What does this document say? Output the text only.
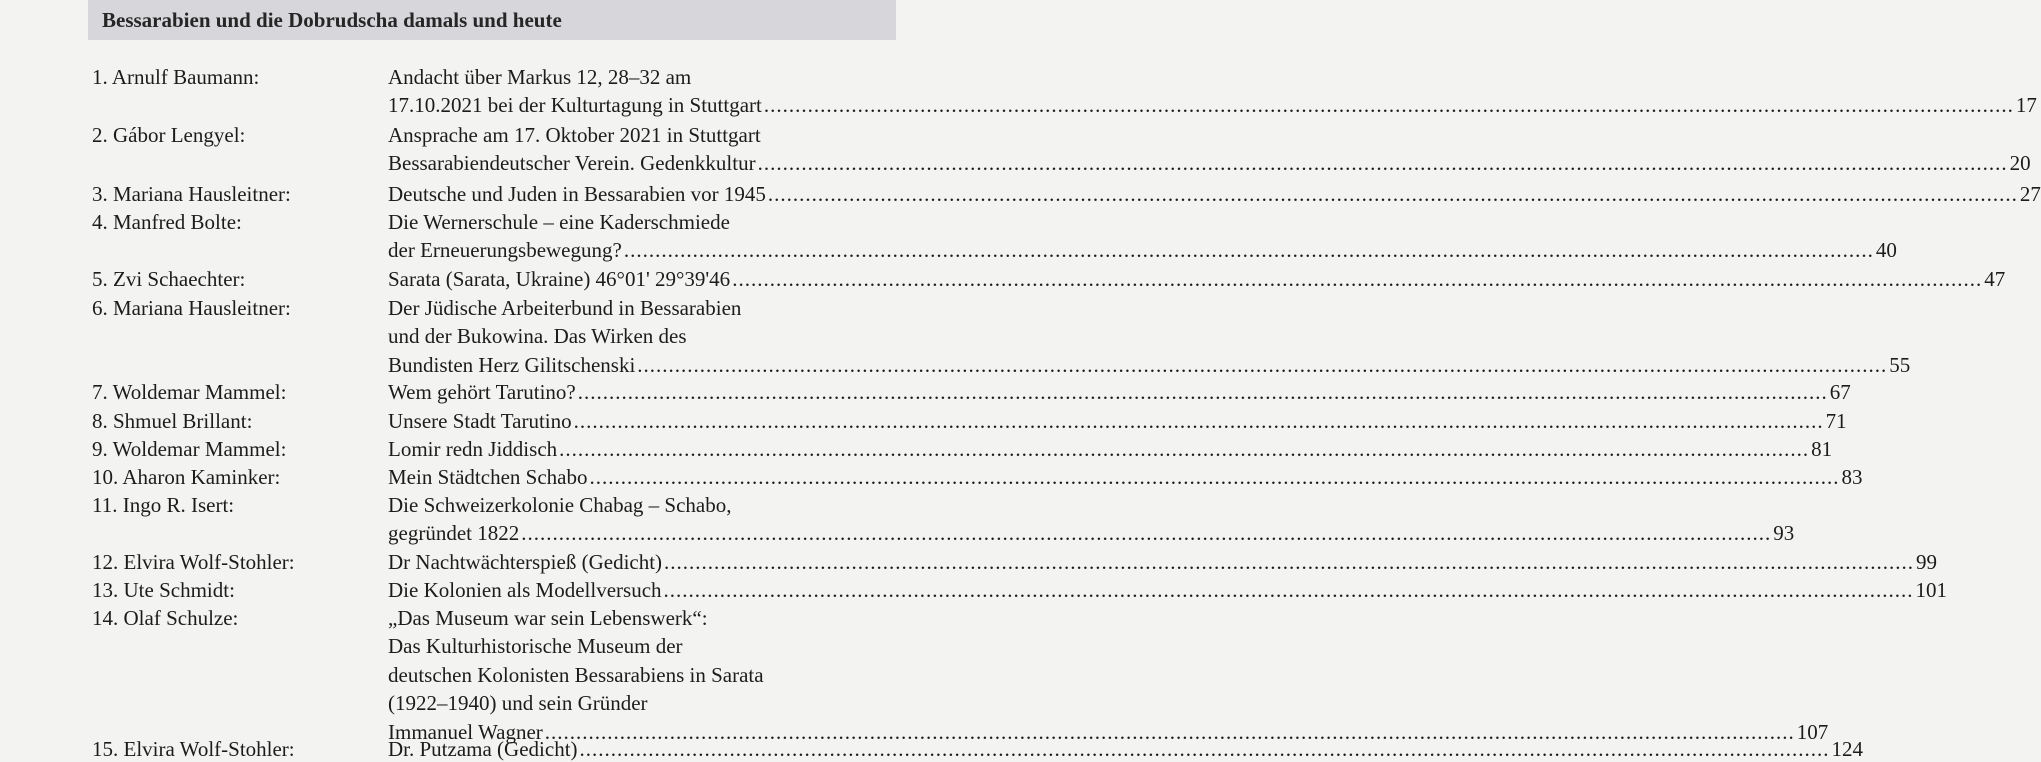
Bessarabien und die Dobrudscha damals und heute
1. Arnulf Baumann:	Andacht über Markus 12, 28–32 am
17.10.2021 bei der Kulturtagung in Stuttgart ........................................................................................................................................................................................................ 17
2. Gábor Lengyel:	Ansprache am 17. Oktober 2021 in Stuttgart
Bessarabiendeutscher Verein. Gedenkkultur ........................................................................................................................................................................................................ 20
3. Mariana Hausleitner:	Deutsche und Juden in Bessarabien vor 1945 ........................................................................................................................................................................................................ 27
4. Manfred Bolte:	Die Wernerschule – eine Kaderschmiede
der Erneuerungsbewegung? ........................................................................................................................................................................................................ 40
5. Zvi Schaechter:	Sarata (Sarata, Ukraine) 46°01' 29°39'46 ........................................................................................................................................................................................................ 47
6. Mariana Hausleitner:	Der Jüdische Arbeiterbund in Bessarabien
und der Bukowina. Das Wirken des
Bundisten Herz Gilitschenski ........................................................................................................................................................................................................ 55
7. Woldemar Mammel:	Wem gehört Tarutino? ........................................................................................................................................................................................................ 67
8. Shmuel Brillant:	Unsere Stadt Tarutino ........................................................................................................................................................................................................ 71
9. Woldemar Mammel:	Lomir redn Jiddisch ........................................................................................................................................................................................................ 81
10. Aharon Kaminker:	Mein Städtchen Schabo ........................................................................................................................................................................................................ 83
11. Ingo R. Isert:	Die Schweizerkolonie Chabag – Schabo,
gegründet 1822 ........................................................................................................................................................................................................ 93
12. Elvira Wolf-Stohler:	Dr Nachtwächterspieß (Gedicht) ........................................................................................................................................................................................................ 99
13. Ute Schmidt:	Die Kolonien als Modellversuch ........................................................................................................................................................................................................ 101
14. Olaf Schulze:	„Das Museum war sein Lebenswerk“:
Das Kulturhistorische Museum der
deutschen Kolonisten Bessarabiens in Sarata
(1922–1940) und sein Gründer
Immanuel Wagner ........................................................................................................................................................................................................ 107
15. Elvira Wolf-Stohler:	Dr. Putzama (Gedicht) ........................................................................................................................................................................................................ 124
